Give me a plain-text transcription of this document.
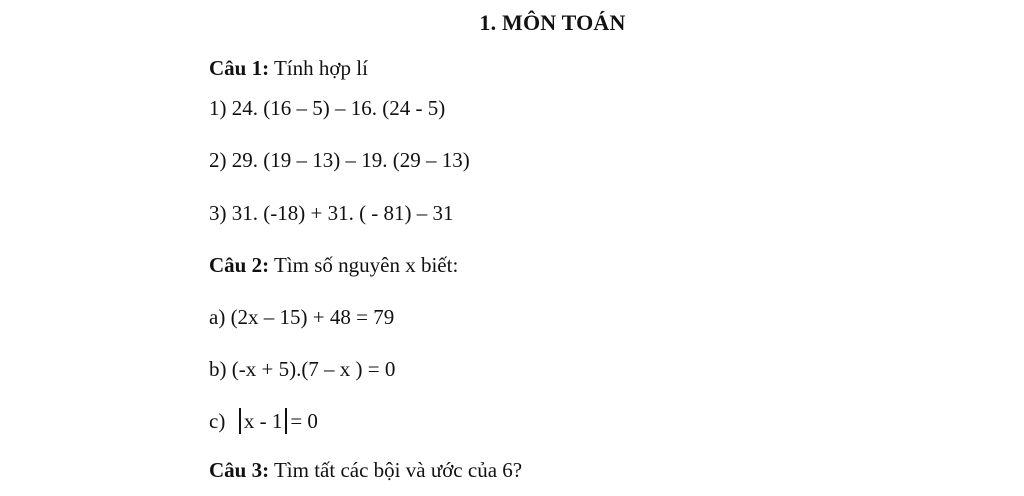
1. MÔN TOÁN
Câu 1: Tính hợp lí
1) 24. (16 – 5) – 16. (24 - 5)
2) 29. (19 – 13) – 19. (29 – 13)
3) 31. (-18) + 31. ( - 81) – 31
Câu 2: Tìm số nguyên x biết:
a) (2x – 15) + 48 = 79
b) (-x + 5).(7 – x ) = 0
c)  x - 1 = 0
Câu 3: Tìm tất các bội và ước của 6?
